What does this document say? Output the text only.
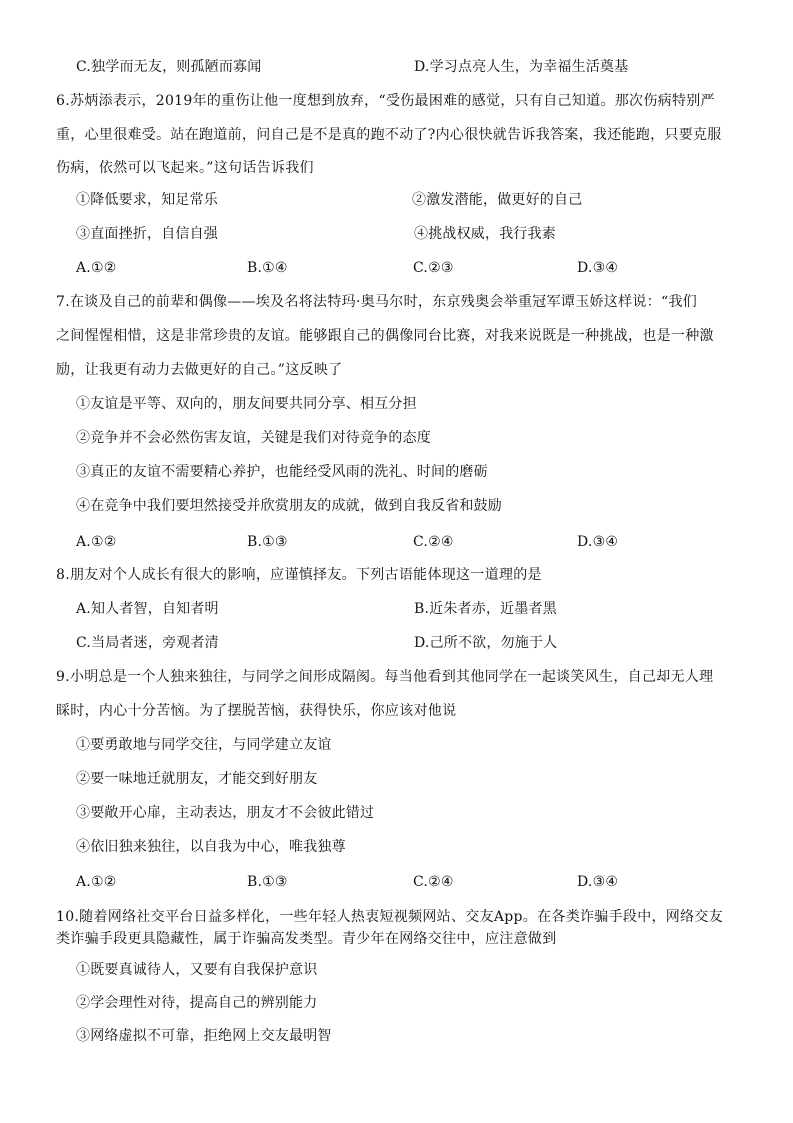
C.独学而无友，则孤陋而寡闻	D.学习点亮人生，为幸福生活奠基
6.苏炳添表示，2019年的重伤让他一度想到放弃，“受伤最困难的感觉，只有自己知道。那次伤病特别严
重，心里很难受。站在跑道前，问自己是不是真的跑不动了?内心很快就告诉我答案，我还能跑，只要克服
伤病，依然可以飞起来。”这句话告诉我们
①降低要求，知足常乐	②激发潜能，做更好的自己
③直面挫折，自信自强	④挑战权威，我行我素
A.①②	B.①④	C.②③	D.③④
7.在谈及自己的前辈和偶像——埃及名将法特玛·奥马尔时，东京残奥会举重冠军谭玉娇这样说：“我们
之间惺惺相惜，这是非常珍贵的友谊。能够跟自己的偶像同台比赛，对我来说既是一种挑战，也是一种激
励，让我更有动力去做更好的自己。”这反映了
①友谊是平等、双向的，朋友间要共同分享、相互分担
②竞争并不会必然伤害友谊，关键是我们对待竞争的态度
③真正的友谊不需要精心养护，也能经受风雨的洗礼、时间的磨砺
④在竞争中我们要坦然接受并欣赏朋友的成就，做到自我反省和鼓励
A.①②	B.①③	C.②④	D.③④
8.朋友对个人成长有很大的影响，应谨慎择友。下列古语能体现这一道理的是
A.知人者智，自知者明	B.近朱者赤，近墨者黑
C.当局者迷，旁观者清	D.己所不欲，勿施于人
9.小明总是一个人独来独往，与同学之间形成隔阂。每当他看到其他同学在一起谈笑风生，自己却无人理
睬时，内心十分苦恼。为了摆脱苦恼，获得快乐，你应该对他说
①要勇敢地与同学交往，与同学建立友谊
②要一味地迁就朋友，才能交到好朋友
③要敞开心扉，主动表达，朋友才不会彼此错过
④依旧独来独往，以自我为中心，唯我独尊
A.①②	B.①③	C.②④	D.③④
10.随着网络社交平台日益多样化，一些年轻人热衷短视频网站、交友App。在各类诈骗手段中，网络交友
类诈骗手段更具隐藏性，属于诈骗高发类型。青少年在网络交往中，应注意做到
①既要真诚待人，又要有自我保护意识
②学会理性对待，提高自己的辨别能力
③网络虚拟不可靠，拒绝网上交友最明智
